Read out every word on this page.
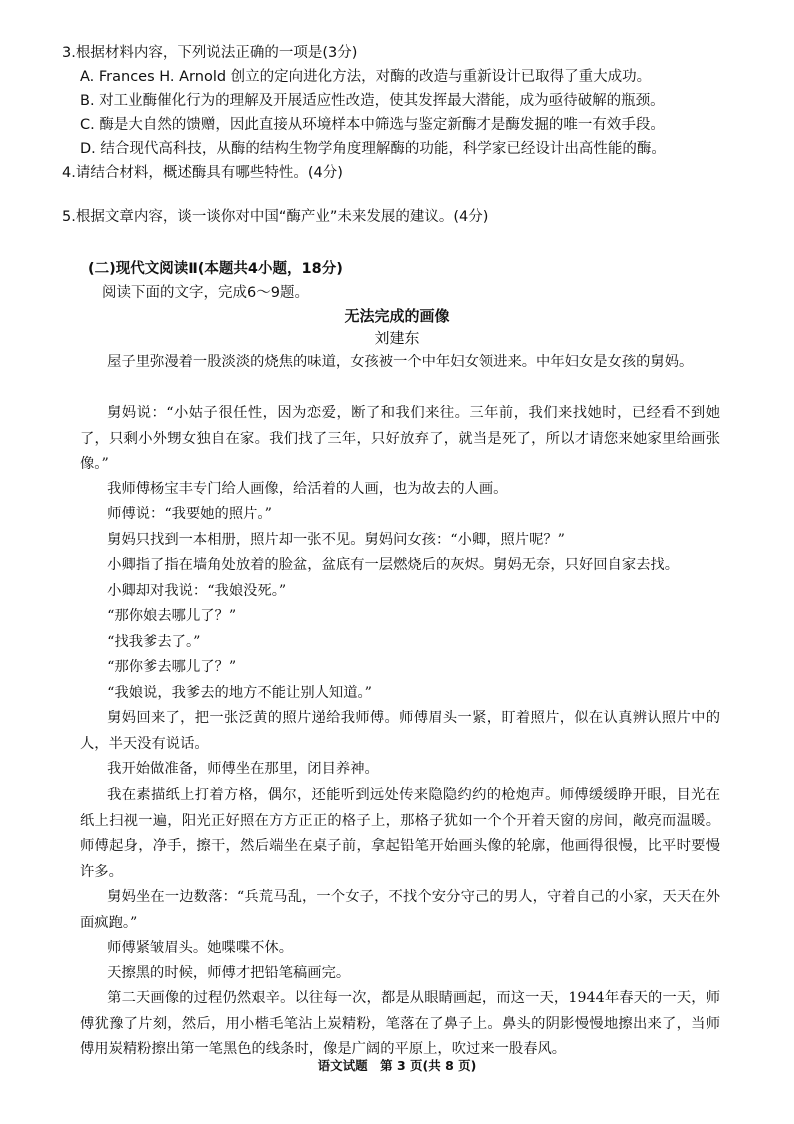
3.根据材料内容，下列说法正确的一项是(3分)
A. Frances H. Arnold 创立的定向进化方法，对酶的改造与重新设计已取得了重大成功。
B. 对工业酶催化行为的理解及开展适应性改造，使其发挥最大潜能，成为亟待破解的瓶颈。
C. 酶是大自然的馈赠，因此直接从环境样本中筛选与鉴定新酶才是酶发掘的唯一有效手段。
D. 结合现代高科技，从酶的结构生物学角度理解酶的功能，科学家已经设计出高性能的酶。
4.请结合材料，概述酶具有哪些特性。(4分)
5.根据文章内容，谈一谈你对中国“酶产业”未来发展的建议。(4分)
(二)现代文阅读Ⅱ(本题共4小题，18分)
阅读下面的文字，完成6～9题。
无法完成的画像
刘建东
屋子里弥漫着一股淡淡的烧焦的味道，女孩被一个中年妇女领进来。中年妇女是女孩的舅妈。
舅妈说：“小姑子很任性，因为恋爱，断了和我们来往。三年前，我们来找她时，已经看不到她了，只剩小外甥女独自在家。我们找了三年，只好放弃了，就当是死了，所以才请您来她家里给画张像。”
我师傅杨宝丰专门给人画像，给活着的人画，也为故去的人画。
师傅说：“我要她的照片。”
舅妈只找到一本相册，照片却一张不见。舅妈问女孩：“小卿，照片呢？”
小卿指了指在墙角处放着的脸盆，盆底有一层燃烧后的灰烬。舅妈无奈，只好回自家去找。
小卿却对我说：“我娘没死。”
“那你娘去哪儿了？”
“找我爹去了。”
“那你爹去哪儿了？”
“我娘说，我爹去的地方不能让别人知道。”
舅妈回来了，把一张泛黄的照片递给我师傅。师傅眉头一紧，盯着照片，似在认真辨认照片中的人，半天没有说话。
我开始做准备，师傅坐在那里，闭目养神。
我在素描纸上打着方格，偶尔，还能听到远处传来隐隐约约的枪炮声。师傅缓缓睁开眼，目光在纸上扫视一遍，阳光正好照在方方正正的格子上，那格子犹如一个个开着天窗的房间，敞亮而温暖。师傅起身，净手，擦干，然后端坐在桌子前，拿起铅笔开始画头像的轮廓，他画得很慢，比平时要慢许多。
舅妈坐在一边数落：“兵荒马乱，一个女子，不找个安分守己的男人，守着自己的小家，天天在外面疯跑。”
师傅紧皱眉头。她喋喋不休。
天擦黑的时候，师傅才把铅笔稿画完。
第二天画像的过程仍然艰辛。以往每一次，都是从眼睛画起，而这一天，1944年春天的一天，师傅犹豫了片刻，然后，用小楷毛笔沾上炭精粉，笔落在了鼻子上。鼻头的阴影慢慢地擦出来了，当师傅用炭精粉擦出第一笔黑色的线条时，像是广阔的平原上，吹过来一股春风。
语文试题　第 3 页(共 8 页)
